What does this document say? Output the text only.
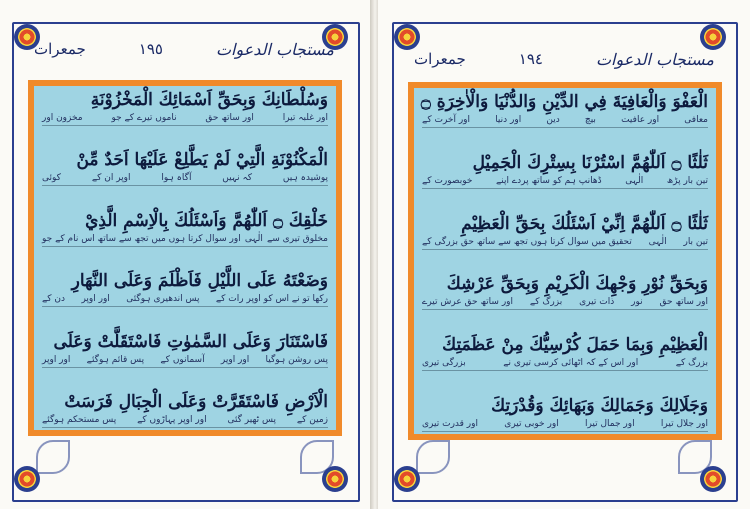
مستجاب الدعوات
١٩٥
جمعرات
وَسُلْطَانِكَ وَبِحَقِّ اَسْمَائِكَ الْمَخْزُوْنَةِ
اور غلبہ تیرا
اور ساتھ حق
ناموں تیرے کے جو
مخزون اور
الْمَكْنُوْنَةِ الَّتِيْ لَمْ يَطَّلِعْ عَلَيْهَا اَحَدٌ مِّنْ
پوشیدہ ہیں
کہ نہیں
آگاہ ہوا
اوپر ان کے
کوئی
خَلْقِكَ ۝ اَللّٰهُمَّ وَاَسْئَلُكَ بِالْاِسْمِ الَّذِيْ
مخلوق تیری سے
الٰہی
اور سوال کرتا ہوں میں تجھ سے ساتھ اس نام کے جو
وَضَعْتَهُ عَلَى اللَّيْلِ فَاَظْلَمَ وَعَلَى النَّهَارِ
رکھا تو نے اس کو اوپر رات کے
پس اندھیری ہوگئی
اور اوپر
دن کے
فَاسْتَنَارَ وَعَلَى السَّمٰوٰتِ فَاسْتَقَلَّتْ وَعَلَى
پس روشن ہوگیا
اور اوپر
آسمانوں کے
پس قائم ہوگئے
اور اوپر
الْاَرْضِ فَاسْتَقَرَّتْ وَعَلَى الْجِبَالِ فَرَسَتْ
زمین کے
پس ٹھیر گئی
اور اوپر پہاڑوں کے
پس مستحکم ہوگئے
مستجاب الدعوات
١٩٤
جمعرات
الْعَفْوَ وَالْعَافِيَةَ فِي الدِّيْنِ وَالدُّنْيَا وَالْاٰخِرَةِ ۝
معافی
اور عافیت
بیچ
دین
اور دنیا
اور آخرت کے
ثَلٰثًا ۝ اَللّٰهُمَّ اسْتُرْنَا بِسِتْرِكَ الْجَمِيْلِ
تین بار پڑھ
الٰہی
ڈھانپ ہم کو ساتھ پردے اپنے
خوبصورت کے
ثَلٰثًا ۝ اَللّٰهُمَّ اِنِّيْ اَسْئَلُكَ بِحَقِّ الْعَظِيْمِ
تین بار
الٰہی
تحقیق میں سوال کرتا ہوں تجھ سے ساتھ حق بزرگی کے
وَبِحَقِّ نُوْرِ وَجْهِكَ الْكَرِيْمِ وَبِحَقِّ عَرْشِكَ
اور ساتھ حق
نور
ذات تیری
بزرگ کے
اور ساتھ حق عرش تیرے
الْعَظِيْمِ وَبِمَا حَمَلَ كُرْسِيُّكَ مِنْ عَظَمَتِكَ
بزرگ کے
اور اس کے کہ اٹھائی کرسی تیری نے
بزرگی تیری
وَجَلَالِكَ وَجَمَالِكَ وَبَهَائِكَ وَقُدْرَتِكَ
اور جلال تیرا
اور جمال تیرا
اور خوبی تیری
اور قدرت تیری
